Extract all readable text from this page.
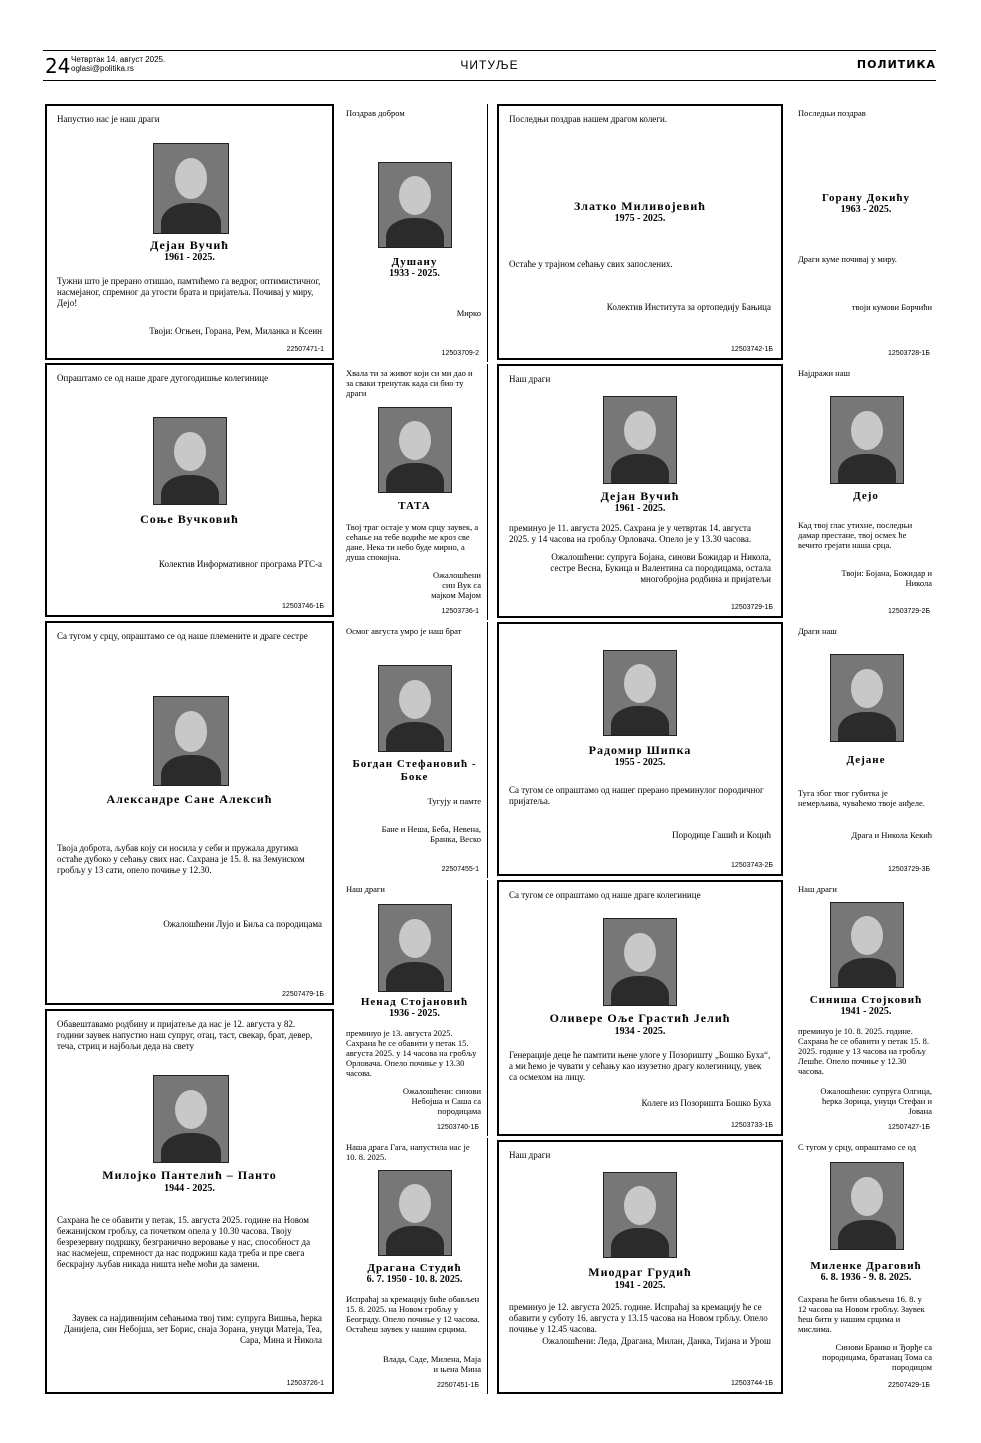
24 Четвртак 14. август 2025.
oglasi@politika.rs	ЧИТУЉЕ	ПОЛИТИКА
Напустио нас је наш драги
Дејан Вучић
1961 - 2025.
Тужни што је прерано отишао, памтићемо га ведрог, оптимистичног, насмејаног, спремног да угости брата и пријатеља. Почивај у миру, Дејо!
Твоји: Огњен, Горана, Рем, Миланка и Ксеин
22507471-1
Опраштамо се од наше драге дугогодишње колегинице
Соње Вучковић
Колектив Информативног програма РТС-а
12503746-1Б
Са тугом у срцу, опраштамо се од наше племените и драге сестре
Александре Сане Алексић
Твоја доброта, љубав коју си носила у себи и пружала другима остаће дубоко у сећању свих нас. Сахрана је 15. 8. на Земунском гробљу у 13 сати, опело почиње у 12.30.
Ожалошћени Лујо и Биља са породицама
22507479-1Б
Обавештавамо родбину и пријатеље да нас је 12. августа у 82. години заувек напустио наш супруг, отац, таст, свекар, брат, девер, теча, стриц и најбољи деда на свету
Милојко Пантелић – Панто
1944 - 2025.
Сахрана ће се обавити у петак, 15. августа 2025. године на Новом бежанијском гробљу, са почетком опела у 10.30 часова. Твоју безрезервну подршку, безгранично веровање у нас, способност да нас насмејеш, спремност да нас подржиш када треба и пре свега бескрајну љубав никада ништа неће моћи да замени.
Заувек са најдивнијим сећањима твој тим: супруга Вишња, ћерка Данијела, син Небојша, зет Борис, снаја Зорана, унуци Матеја, Теа, Сара, Мина и Никола
12503726-1
Поздрав добром
Душану
1933 - 2025.
Мирко
12503709-2
Хвала ти за живот који си ми дао и за сваки тренутак када си био ту драги
ТАТА
Твој траг остаје у мом срцу заувек, а сећање на тебе водиће ме кроз све дане. Нека ти небо буде мирно, а душа спокојна.
Ожалошћени син Вук са мајком Мајом
12503736-1
Осмог августа умро је наш брат
Богдан Стефановић - Боке
Тугују и памте
Бане и Неша, Беба, Невена, Бранка, Веско
22507455-1
Наш драги
Ненад Стојановић
1936 - 2025.
преминуо је 13. августа 2025. Сахрана ће се обавити у петак 15. августа 2025. у 14 часова на гробљу Орловача. Опело почиње у 13.30 часова.
Ожалошћени: синови Небојша и Саша са породицама
12503740-1Б
Наша драга Гага, напустила нас је 10. 8. 2025.
Драгана Студић
6. 7. 1950 - 10. 8. 2025.
Испраћај за кремацију биће обављен 15. 8. 2025. на Новом гробљу у Београду. Опело почиње у 12 часова. Остаћеш заувек у нашим срцима.
Влада, Саде, Милена, Маја и њена Мина
22507451-1Б
Последњи поздрав нашем драгом колеги.
Златко Миливојевић
1975 - 2025.
Остаће у трајном сећању свих запослених.
Колектив Института за ортопедију Бањица
12503742-1Б
Наш драги
Дејан Вучић
1961 - 2025.
преминуо је 11. августа 2025. Сахрана је у четвртак 14. августа 2025. у 14 часова на гробљу Орловача. Опело је у 13.30 часова.
Ожалошћени: супруга Бојана, синови Божидар и Никола, сестре Весна, Букица и Валентина са породицама, остала многобројна родбина и пријатељи
12503729-1Б
Радомир Шипка
1955 - 2025.
Са тугом се опраштамо од нашег прерано преминулог породичног пријатеља.
Породице Гашић и Коцић
12503743-2Б
Са тугом се опраштамо од наше драге колегинице
Оливере Оље Грастић Јелић
1934 - 2025.
Генерације деце ће памтити њене улоге у Позоришту „Бошко Буха“, а ми ћемо је чувати у сећању као изузетно драгу колегиницу, увек са осмехом на лицу.
Колеге из Позоришта Бошко Буха
12503733-1Б
Наш драги
Миодраг Грудић
1941 - 2025.
преминуо је 12. августа 2025. године. Испраћај за кремацију ће се обавити у суботу 16. августа у 13.15 часова на Новом грбљу. Опело почиње у 12.45 часова.
Ожалошћени: Леда, Драгана, Милан, Данка, Тијана и Урош
12503744-1Б
Последњи поздрав
Горану Докићу
1963 - 2025.
Драги куме почивај у миру.
твоји кумови Борчићи
12503728-1Б
Најдражи наш
Дејо
Кад твој глас утихне, последњи дамар престане, твој осмех ће вечито грејати наша срца.
Твоји: Бојана, Божидар и Никола
12503729-2Б
Драги наш
Дејане
Туга због твог губитка је немерљива, чуваћемо твоје анђеле.
Драга и Никола Кекић
12503729-3Б
Наш драги
Синиша Стојковић
1941 - 2025.
преминуо је 10. 8. 2025. године. Сахрана ће се обавити у петак 15. 8. 2025. године у 13 часова на гробљу Лешће. Опело почиње у 12.30 часова.
Ожалошћени: супруга Олгица, ћерка Зорица, унуци Стефан и Јована
12507427-1Б
С тугом у срцу, опраштамо се од
Миленке Драговић
6. 8. 1936 - 9. 8. 2025.
Сахрана ће бити обављена 16. 8. у 12 часова на Новом гробљу. Заувек ћеш бити у нашим срцима и мислима.
Синови Бранко и Ђорђе са породицама, братанац Тома са породицом
22507429-1Б
